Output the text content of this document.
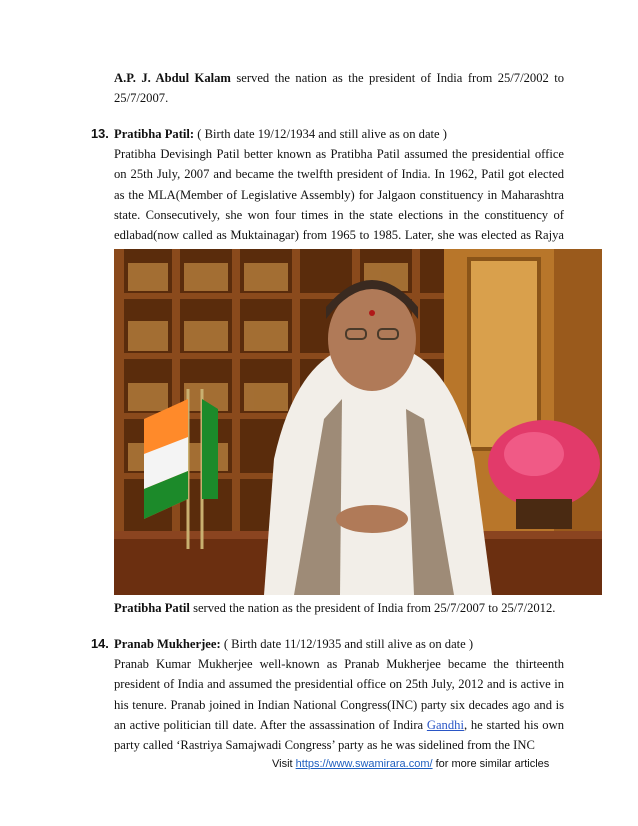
A.P. J. Abdul Kalam served the nation as the president of India from 25/7/2002 to 25/7/2007.

13. Pratibha Patil: ( Birth date 19/12/1934 and still alive as on date )

Pratibha Devisingh Patil better known as Pratibha Patil assumed the presidential office on 25th July, 2007 and became the twelfth president of India. In 1962, Patil got elected as the MLA(Member of Legislative Assembly) for Jalgaon constituency in Maharashtra state. Consecutively, she won four times in the state elections in the constituency of edlabad(now called as Muktainagar) from 1965 to 1985. Later, she was elected as Rajya

Pratibha Patil served the nation as the president of India from 25/7/2007 to 25/7/2012.

14. Pranab Mukherjee: ( Birth date 11/12/1935 and still alive as on date )

Pranab Kumar Mukherjee well-known as Pranab Mukherjee became the thirteenth president of India and assumed the presidential office on 25th July, 2012 and is active in his tenure. Pranab joined in Indian National Congress(INC) party six decades ago and is an active politician till date. After the assassination of Indira Gandhi, he started his own party called ‘Rastriya Samajwadi Congress’ party as he was sidelined from the INC

Visit https://www.swamirara.com/ for more similar articles
